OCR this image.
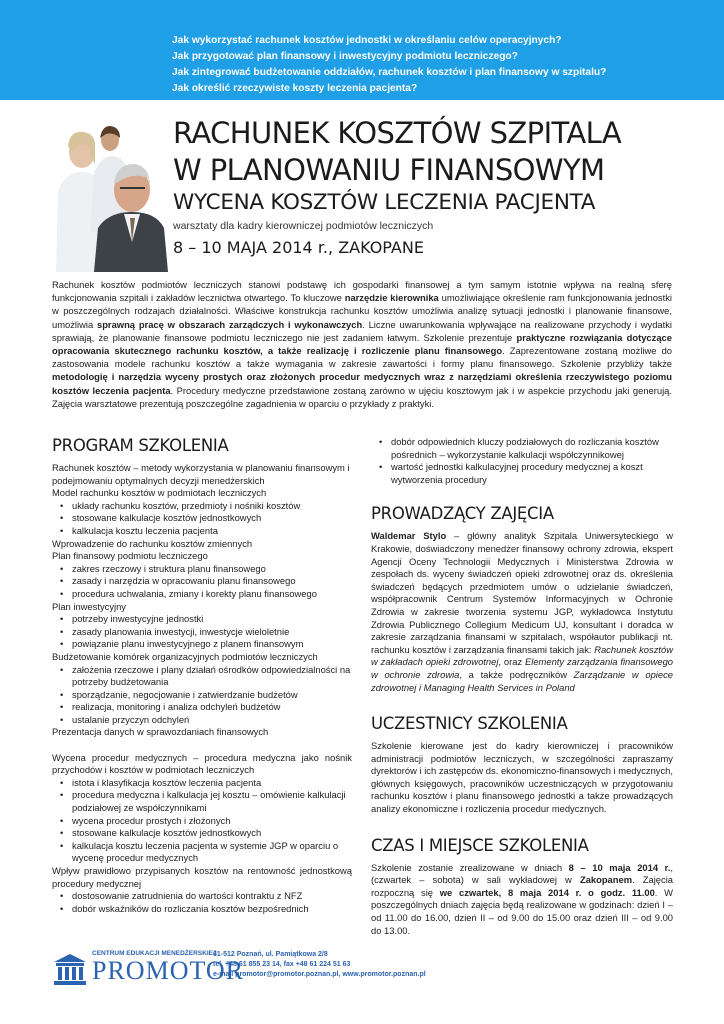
Jak wykorzystać rachunek kosztów jednostki w określaniu celów operacyjnych?
Jak przygotować plan finansowy i inwestycyjny podmiotu leczniczego?
Jak zintegrować budżetowanie oddziałów, rachunek kosztów i plan finansowy w szpitalu?
Jak określić rzeczywiste koszty leczenia pacjenta?
RACHUNEK KOSZTÓW SZPITALA
W PLANOWANIU FINANSOWYM
WYCENA KOSZTÓW LECZENIA PACJENTA
warsztaty dla kadry kierowniczej podmiotów leczniczych
8 – 10 MAJA 2014 r., ZAKOPANE

Rachunek kosztów podmiotów leczniczych stanowi podstawę ich gospodarki finansowej a tym samym istotnie wpływa na realną sferę funkcjonowania szpitali i zakładów lecznictwa otwartego. To kluczowe narzędzie kierownika umożliwiające określenie ram funkcjonowania jednostki w poszczególnych rodzajach działalności. Właściwe konstrukcja rachunku kosztów umożliwia analizę sytuacji jednostki i planowanie finansowe, umożliwia sprawną pracę w obszarach zarządczych i wykonawczych. Liczne uwarunkowania wpływające na realizowane przychody i wydatki sprawiają, że planowanie finansowe podmiotu leczniczego nie jest zadaniem łatwym. Szkolenie prezentuje praktyczne rozwiązania dotyczące opracowania skutecznego rachunku kosztów, a także realizację i rozliczenie planu finansowego. Zaprezentowane zostaną możliwe do zastosowania modele rachunku kosztów a także wymagania w zakresie zawartości i formy planu finansowego. Szkolenie przybliży także metodologię i narzędzia wyceny prostych oraz złożonych procedur medycznych wraz z narzędziami określenia rzeczywistego poziomu kosztów leczenia pacjenta. Procedury medyczne przedstawione zostaną zarówno w ujęciu kosztowym jak i w aspekcie przychodu jaki generują. Zajęcia warsztatowe prezentują poszczególne zagadnienia w oparciu o przykłady z praktyki.

PROGRAM SZKOLENIA

Rachunek kosztów – metody wykorzystania w planowaniu finansowym i podejmowaniu optymalnych decyzji menedżerskich

Model rachunku kosztów w podmiotach leczniczych

• układy rachunku kosztów, przedmioty i nośniki kosztów

• stosowane kalkulacje kosztów jednostkowych

• kalkulacja kosztu leczenia pacjenta

Wprowadzenie do rachunku kosztów zmiennych

Plan finansowy podmiotu leczniczego

• zakres rzeczowy i struktura planu finansowego

• zasady i narzędzia w opracowaniu planu finansowego

• procedura uchwalania, zmiany i korekty planu finansowego

Plan inwestycyjny

• potrzeby inwestycyjne jednostki

• zasady planowania inwestycji, inwestycje wieloletnie

• powiązanie planu inwestycyjnego z planem finansowym

Budżetowanie komórek organizacyjnych podmiotów leczniczych

• założenia rzeczowe i plany działań ośrodków odpowiedzialności na potrzeby budżetowania

• sporządzanie, negocjowanie i zatwierdzanie budżetów

• realizacja, monitoring i analiza odchyleń budżetów

• ustalanie przyczyn odchyleń

Prezentacja danych w sprawozdaniach finansowych

Wycena procedur medycznych – procedura medyczna jako nośnik przychodów i kosztów w podmiotach leczniczych

• istota i klasyfikacja kosztów leczenia pacjenta

• procedura medyczna i kalkulacja jej kosztu – omówienie kalkulacji podziałowej ze współczynnikami

• wycena procedur prostych i złożonych

• stosowane kalkulacje kosztów jednostkowych

• kalkulacja kosztu leczenia pacjenta w systemie JGP w oparciu o wycenę procedur medycznych

Wpływ prawidłowo przypisanych kosztów na rentowność jednostkową procedury medycznej

• dostosowanie zatrudnienia do wartości kontraktu z NFZ

• dobór wskaźników do rozliczania kosztów bezpośrednich

• dobór odpowiednich kluczy podziałowych do rozliczania kosztów pośrednich – wykorzystanie kalkulacji współczynnikowej

• wartość jednostki kalkulacyjnej procedury medycznej a koszt wytworzenia procedury

PROWADZĄCY ZAJĘCIA

Waldemar Stylo – główny analityk Szpitala Uniwersyteckiego w Krakowie, doświadczony menedżer finansowy ochrony zdrowia, ekspert Agencji Oceny Technologii Medycznych i Ministerstwa Zdrowia w zespołach ds. wyceny świadczeń opieki zdrowotnej oraz ds. określenia świadczeń będących przedmiotem umów o udzielanie świadczeń, współpracownik Centrum Systemów Informacyjnych w Ochronie Zdrowia w zakresie tworzenia systemu JGP, wykładowca Instytutu Zdrowia Publicznego Collegium Medicum UJ, konsultant i doradca w zakresie zarządzania finansami w szpitalach, współautor publikacji nt. rachunku kosztów i zarządzania finansami takich jak: Rachunek kosztów w zakładach opieki zdrowotnej, oraz Elementy zarządzania finansowego w ochronie zdrowia, a także podręczników Zarządzanie w opiece zdrowotnej i Managing Health Services in Poland

UCZESTNICY SZKOLENIA

Szkolenie kierowane jest do kadry kierowniczej i pracowników administracji podmiotów leczniczych, w szczególności zapraszamy dyrektorów i ich zastępców ds. ekonomiczno-finansowych i medycznych, głównych księgowych, pracowników uczestniczących w przygotowaniu rachunku kosztów i planu finansowego jednostki a także prowadzących analizy ekonomiczne i rozliczenia procedur medycznych.

CZAS I MIEJSCE SZKOLENIA

Szkolenie zostanie zrealizowane w dniach 8 – 10 maja 2014 r., (czwartek – sobota) w sali wykładowej w Zakopanem. Zajęcia rozpoczną się we czwartek, 8 maja 2014 r. o godz. 11.00. W poszczególnych dniach zajęcia będą realizowane w godzinach: dzień I – od 11.00 do 16.00, dzień II – od 9.00 do 15.00 oraz dzień III – od 9.00 do 13.00.

CENTRUM EDUKACJI MENEDŻERSKIEJ
PROMOTOR
61-512 Poznań, ul. Pamiątkowa 2/8
tel. +48 61 855 23 14, fax +48 61 224 51 63
e-mail promotor@promotor.poznan.pl, www.promotor.poznan.pl
